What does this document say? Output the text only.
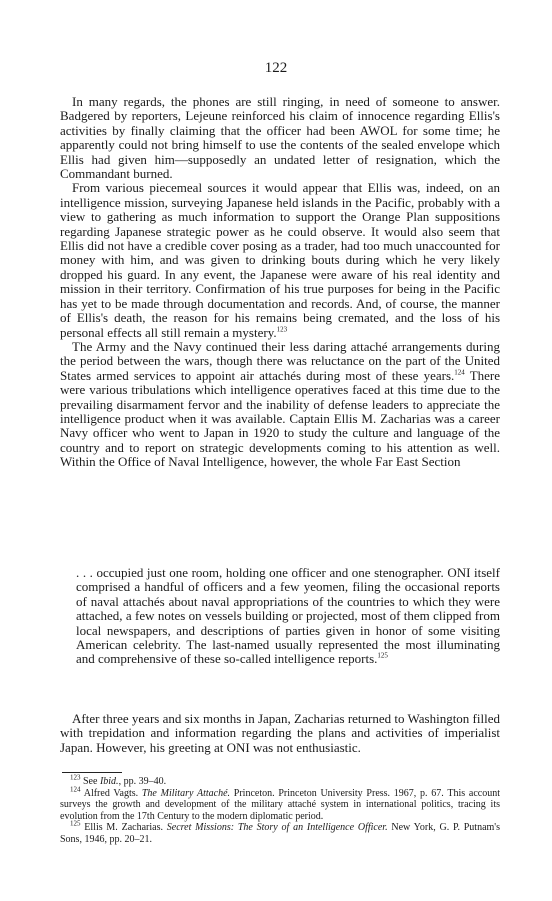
122

In many regards, the phones are still ringing, in need of someone to answer. Badgered by reporters, Lejeune reinforced his claim of innocence regarding Ellis's activities by finally claiming that the officer had been AWOL for some time; he apparently could not bring himself to use the contents of the sealed envelope which Ellis had given him—supposedly an undated letter of resignation, which the Commandant burned.

From various piecemeal sources it would appear that Ellis was, indeed, on an intelligence mission, surveying Japanese held islands in the Pacific, probably with a view to gathering as much information to support the Orange Plan suppositions regarding Japanese strategic power as he could observe. It would also seem that Ellis did not have a credible cover posing as a trader, had too much unaccounted for money with him, and was given to drinking bouts during which he very likely dropped his guard. In any event, the Japanese were aware of his real identity and mission in their territory. Confirmation of his true purposes for being in the Pacific has yet to be made through documentation and records. And, of course, the manner of Ellis's death, the reason for his remains being cremated, and the loss of his personal effects all still remain a mystery.$^{123}$

The Army and the Navy continued their less daring attaché arrangements during the period between the wars, though there was reluctance on the part of the United States armed services to appoint air attachés during most of these years.$^{124}$ There were various tribulations which intelligence operatives faced at this time due to the prevailing disarmament fervor and the inability of defense leaders to appreciate the intelligence product when it was available. Captain Ellis M. Zacharias was a career Navy officer who went to Japan in 1920 to study the culture and language of the country and to report on strategic developments coming to his attention as well. Within the Office of Naval Intelligence, however, the whole Far East Section

. . . occupied just one room, holding one officer and one stenographer. ONI itself comprised a handful of officers and a few yeomen, filing the occasional reports of naval attachés about naval appropriations of the countries to which they were attached, a few notes on vessels building or projected, most of them clipped from local newspapers, and descriptions of parties given in honor of some visiting American celebrity. The last-named usually represented the most illuminating and comprehensive of these so-called intelligence reports.$^{125}$

After three years and six months in Japan, Zacharias returned to Washington filled with trepidation and information regarding the plans and activities of imperialist Japan. However, his greeting at ONI was not enthusiastic.

$^{123}$ See Ibid., pp. 39–40.

$^{124}$ Alfred Vagts. The Military Attaché. Princeton. Princeton University Press. 1967, p. 67. This account surveys the growth and development of the military attaché system in international politics, tracing its evolution from the 17th Century to the modern diplomatic period.

$^{125}$ Ellis M. Zacharias. Secret Missions: The Story of an Intelligence Officer. New York, G. P. Putnam's Sons, 1946, pp. 20–21.
